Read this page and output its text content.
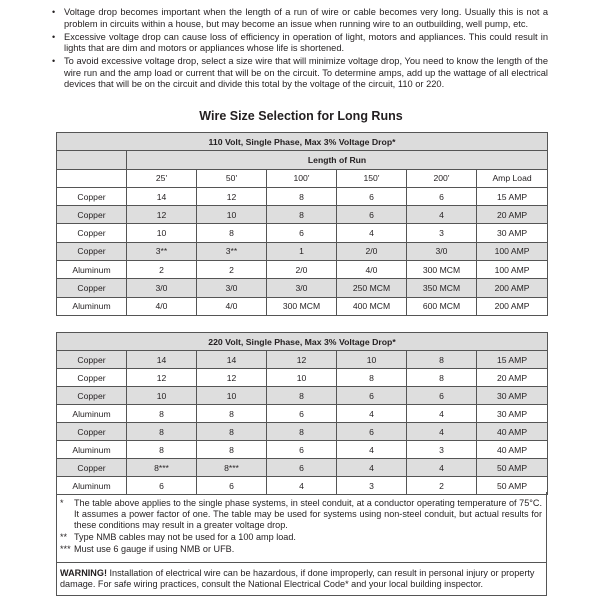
• Voltage drop becomes important when the length of a run of wire or cable becomes very long. Usually this is not a problem in circuits within a house, but may become an issue when running wire to an outbuilding, well pump, etc.
• Excessive voltage drop can cause loss of efficiency in operation of light, motors and appliances. This could result in lights that are dim and motors or appliances whose life is shortened.
• To avoid excessive voltage drop, select a size wire that will minimize voltage drop, You need to know the length of the wire run and the amp load or current that will be on the circuit. To determine amps, add up the wattage of all electrical devices that will be on the circuit and divide this total by the voltage of the circuit, 110 or 220.
Wire Size Selection for Long Runs
110 Volt, Single Phase, Max 3% Voltage Drop*						
	Length of Run					
	25'	50'	100'	150'	200'	Amp Load
Copper	14	12	8	6	6	15 AMP
Copper	12	10	8	6	4	20 AMP
Copper	10	8	6	4	3	30 AMP
Copper	3**	3**	1	2/0	3/0	100 AMP
Aluminum	2	2	2/0	4/0	300 MCM	100 AMP
Copper	3/0	3/0	3/0	250 MCM	350 MCM	200 AMP
Aluminum	4/0	4/0	300 MCM	400 MCM	600 MCM	200 AMP
220 Volt, Single Phase, Max 3% Voltage Drop*						
Copper	14	14	12	10	8	15 AMP
Copper	12	12	10	8	8	20 AMP
Copper	10	10	8	6	6	30 AMP
Aluminum	8	8	6	4	4	30 AMP
Copper	8	8	8	6	4	40 AMP
Aluminum	8	8	6	4	3	40 AMP
Copper	8***	8***	6	4	4	50 AMP
Aluminum	6	6	4	3	2	50 AMP
* The table above applies to the single phase systems, in steel conduit, at a conductor operating temperature of 75°C. It assumes a power factor of one. The table may be used for systems using non-steel conduit, but actual results for these conditions may result in a greater voltage drop.
** Type NMB cables may not be used for a 100 amp load.
*** Must use 6 gauge if using NMB or UFB.
WARNING! Installation of electrical wire can be hazardous, if done improperly, can result in personal injury or property damage. For safe wiring practices, consult the National Electrical Code* and your local building inspector.
